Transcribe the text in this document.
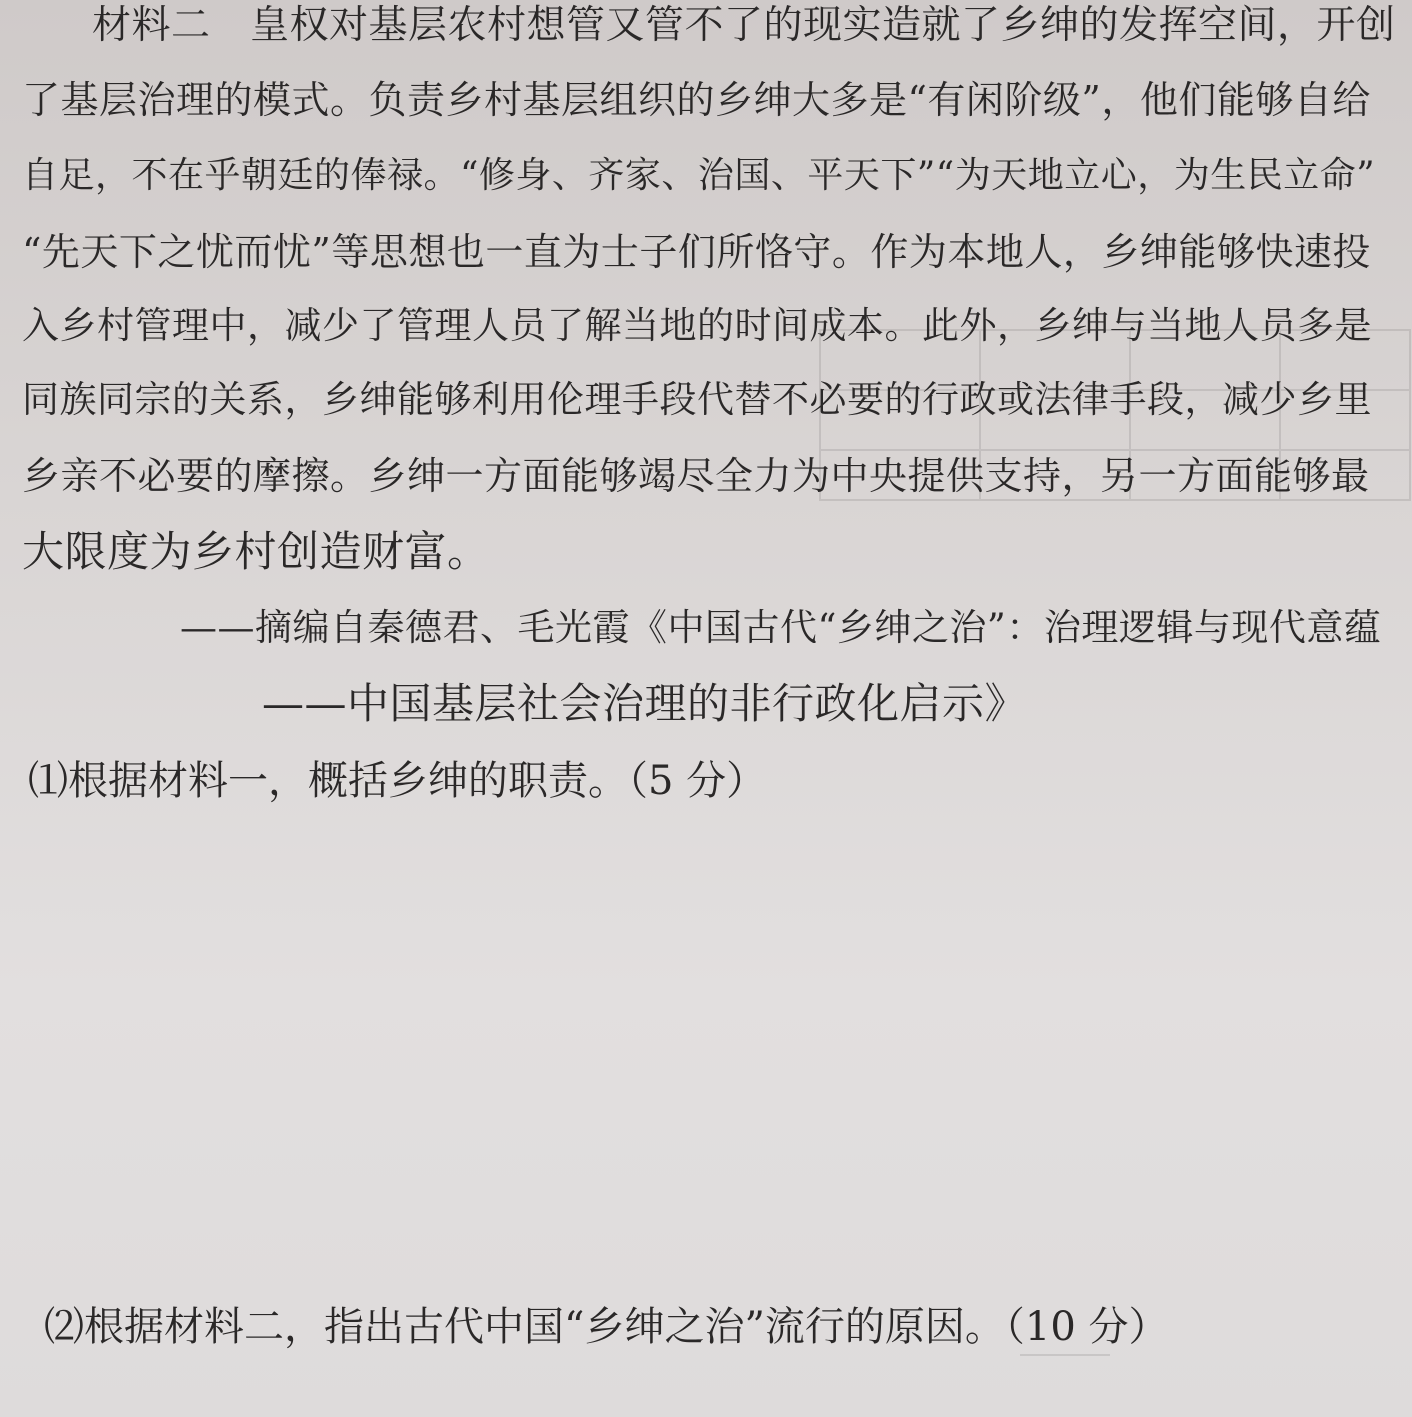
材料二　皇权对基层农村想管又管不了的现实造就了乡绅的发挥空间，开创
了基层治理的模式。负责乡村基层组织的乡绅大多是“有闲阶级”，他们能够自给
自足，不在乎朝廷的俸禄。“修身、齐家、治国、平天下”“为天地立心，为生民立命”
“先天下之忧而忧”等思想也一直为士子们所恪守。作为本地人，乡绅能够快速投
入乡村管理中，减少了管理人员了解当地的时间成本。此外，乡绅与当地人员多是
同族同宗的关系，乡绅能够利用伦理手段代替不必要的行政或法律手段，减少乡里
乡亲不必要的摩擦。乡绅一方面能够竭尽全力为中央提供支持，另一方面能够最
大限度为乡村创造财富。
——摘编自秦德君、毛光霞《中国古代“乡绅之治”：治理逻辑与现代意蕴
——中国基层社会治理的非行政化启示》
⑴根据材料一，概括乡绅的职责。（5 分）
⑵根据材料二，指出古代中国“乡绅之治”流行的原因。（10 分）
